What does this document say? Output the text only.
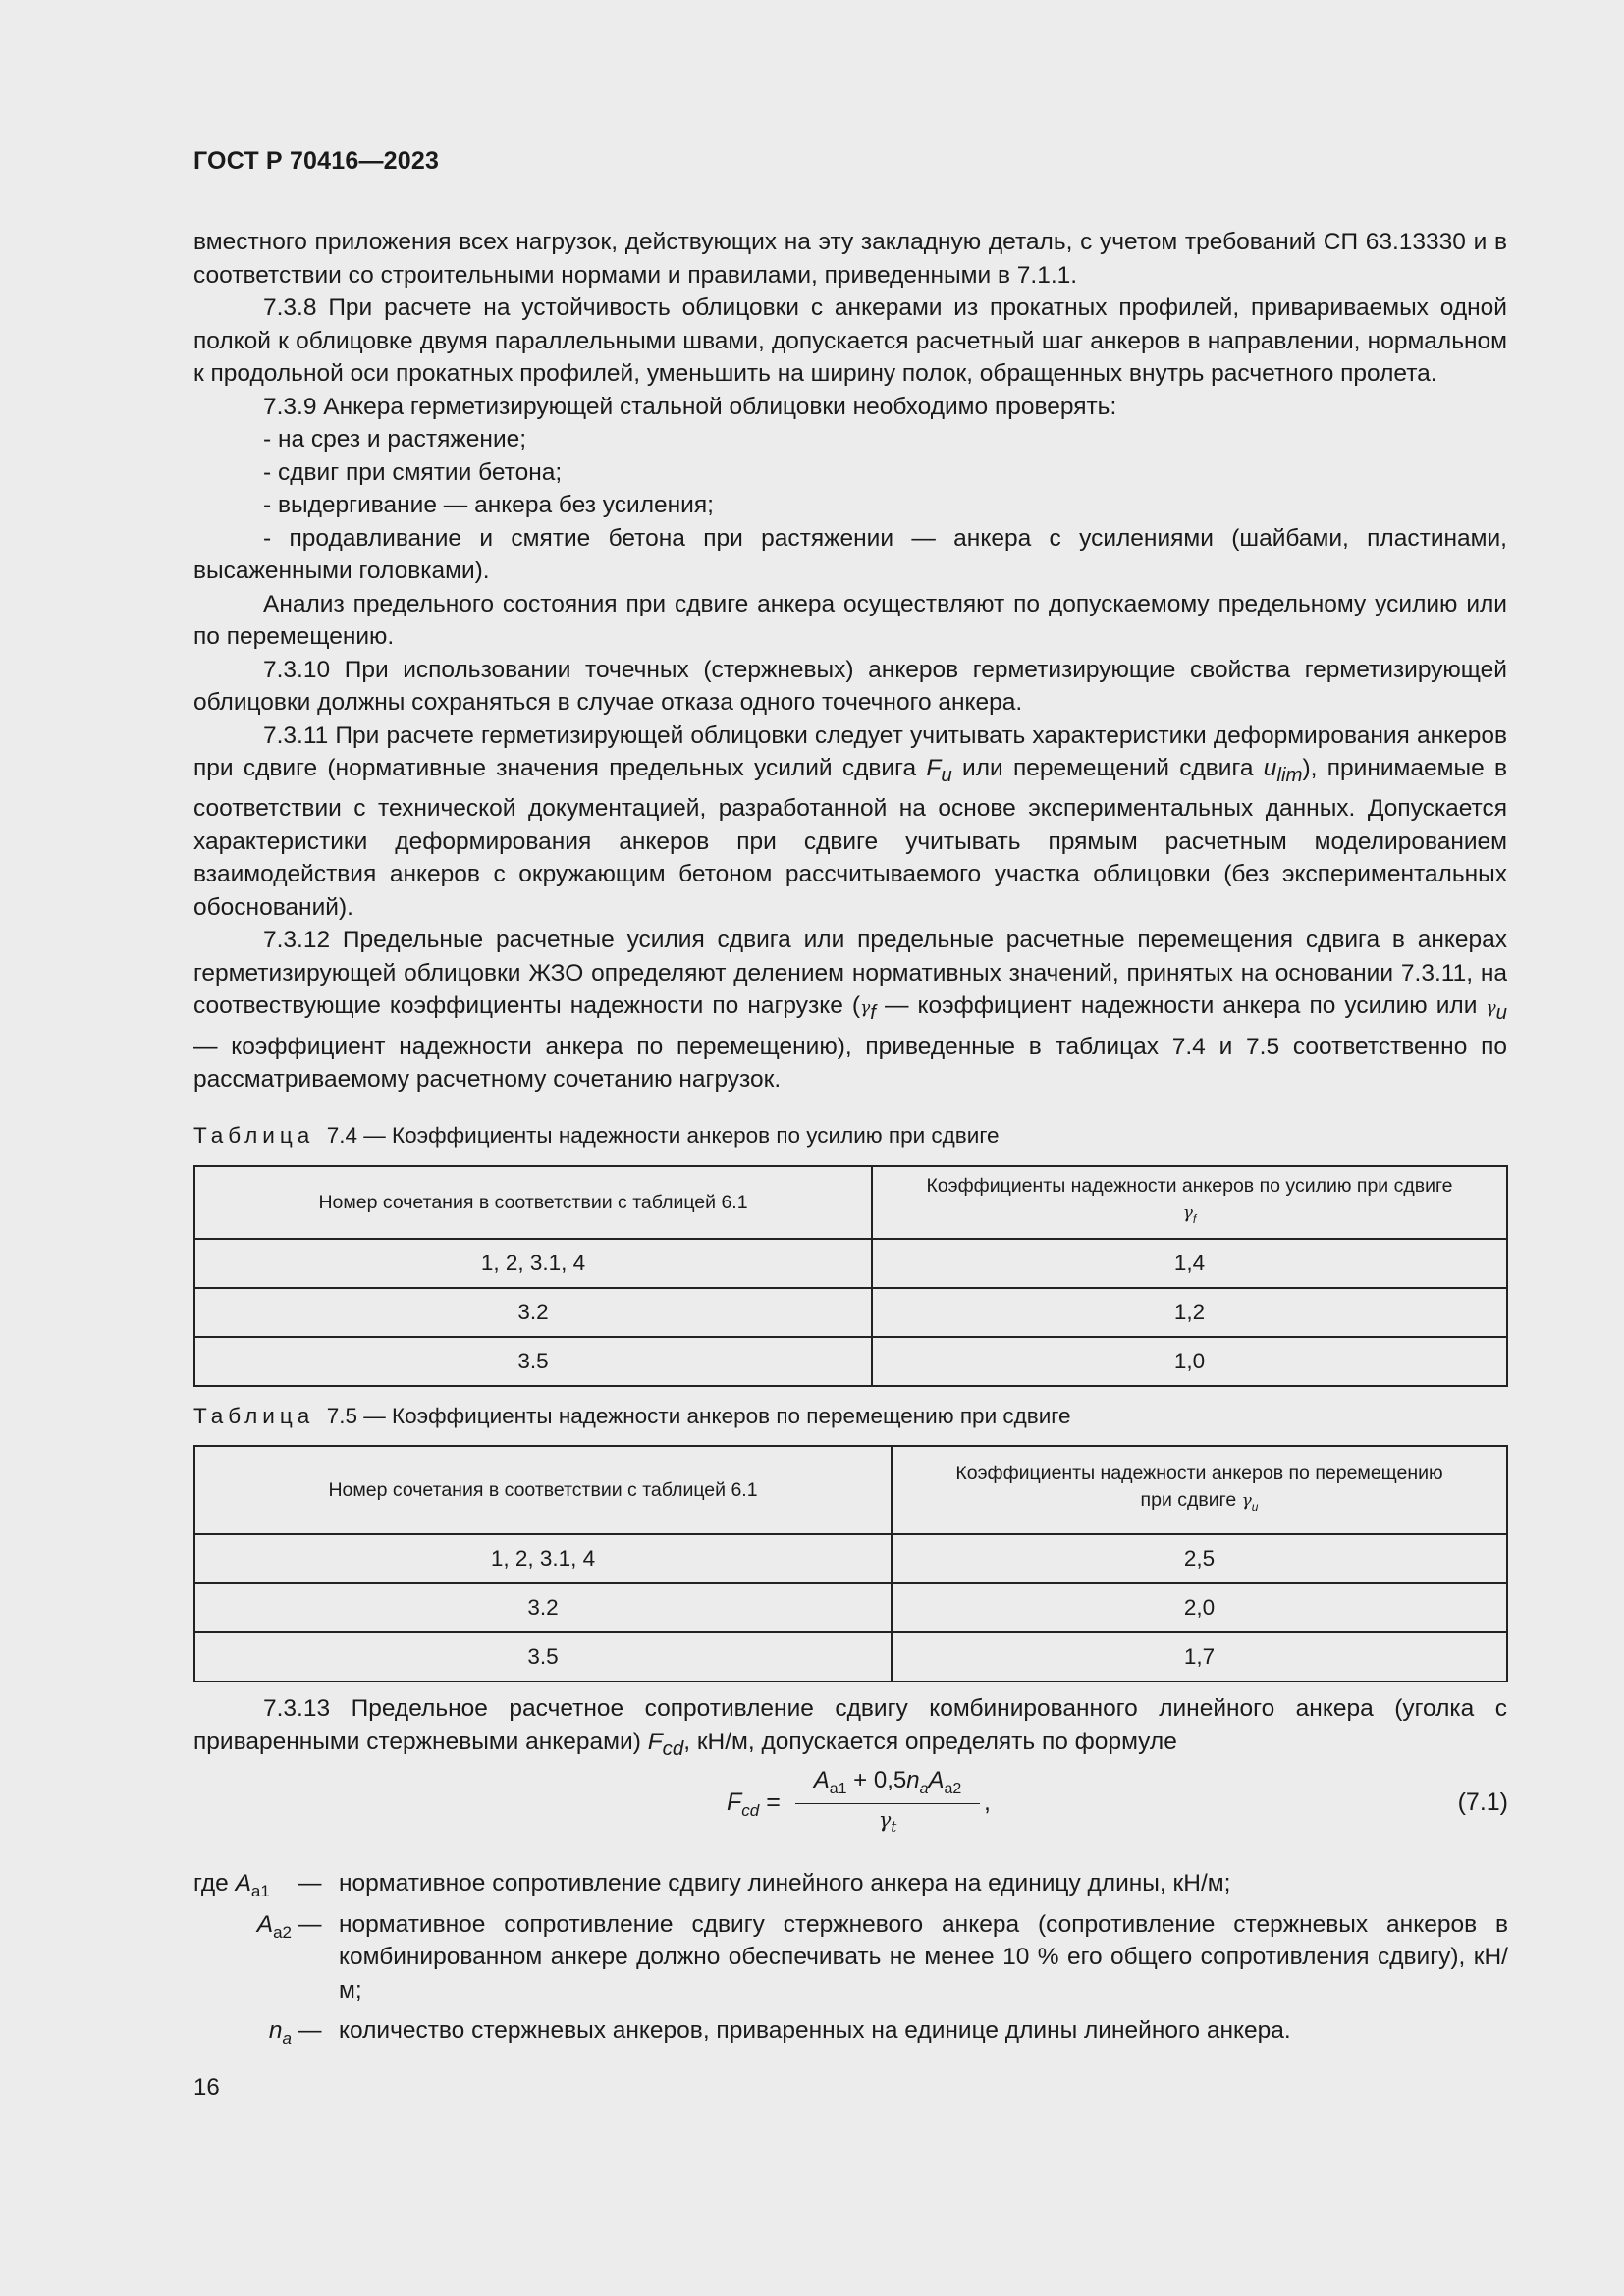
ГОСТ Р 70416—2023

вместного приложения всех нагрузок, действующих на эту закладную деталь, с учетом требований СП 63.13330 и в соответствии со строительными нормами и правилами, приведенными в 7.1.1.

7.3.8 При расчете на устойчивость облицовки с анкерами из прокатных профилей, привариваемых одной полкой к облицовке двумя параллельными швами, допускается расчетный шаг анкеров в направлении, нормальном к продольной оси прокатных профилей, уменьшить на ширину полок, обращенных внутрь расчетного пролета.

7.3.9 Анкера герметизирующей стальной облицовки необходимо проверять:

- на срез и растяжение;

- сдвиг при смятии бетона;

- выдергивание — анкера без усиления;

- продавливание и смятие бетона при растяжении — анкера с усилениями (шайбами, пластинами, высаженными головками).

Анализ предельного состояния при сдвиге анкера осуществляют по допускаемому предельному усилию или по перемещению.

7.3.10 При использовании точечных (стержневых) анкеров герметизирующие свойства герметизирующей облицовки должны сохраняться в случае отказа одного точечного анкера.

7.3.11 При расчете герметизирующей облицовки следует учитывать характеристики деформирования анкеров при сдвиге (нормативные значения предельных усилий сдвига $F_u$ или перемещений сдвига $u_{lim}$), принимаемые в соответствии с технической документацией, разработанной на основе экспериментальных данных. Допускается характеристики деформирования анкеров при сдвиге учитывать прямым расчетным моделированием взаимодействия анкеров с окружающим бетоном рассчитываемого участка облицовки (без экспериментальных обоснований).

7.3.12 Предельные расчетные усилия сдвига или предельные расчетные перемещения сдвига в анкерах герметизирующей облицовки ЖЗО определяют делением нормативных значений, принятых на основании 7.3.11, на соотвествующие коэффициенты надежности по нагрузке ($\gamma_f$ — коэффициент надежности анкера по усилию или $\gamma_u$ — коэффициент надежности анкера по перемещению), приведенные в таблицах 7.4 и 7.5 соответственно по рассматриваемому расчетному сочетанию нагрузок.

Таблица 7.4 — Коэффициенты надежности анкеров по усилию при сдвиге
Номер сочетания в соответствии с таблицей 6.1	Коэффициенты надежности анкеров по усилию при сдвиге
$\gamma_f$
1, 2, 3.1, 4	1,4
3.2	1,2
3.5	1,0
Таблица 7.5 — Коэффициенты надежности анкеров по перемещению при сдвиге
Номер сочетания в соответствии с таблицей 6.1	Коэффициенты надежности анкеров по перемещению
при сдвиге $\gamma_u$
1, 2, 3.1, 4	2,5
3.2	2,0
3.5	1,7

7.3.13 Предельное расчетное сопротивление сдвигу комбинированного линейного анкера (уголка с приваренными стержневыми анкерами) $F_{cd}$, кН/м, допускается определять по формуле

$F_{cd}$ =
$A_{a1} + 0,5n_aA_{a2}$
$\gamma_t$
,	(7.1)
где $A_{a1}$	— нормативное сопротивление сдвигу линейного анкера на единицу длины, кН/м;
$A_{a2}$ — нормативное сопротивление сдвигу стержневого анкера (сопротивление стержневых анкеров в комбинированном анкере должно обеспечивать не менее 10 % его общего сопротивления сдвигу), кН/м;
$n_a$ — количество стержневых анкеров, приваренных на единице длины линейного анкера.
16
